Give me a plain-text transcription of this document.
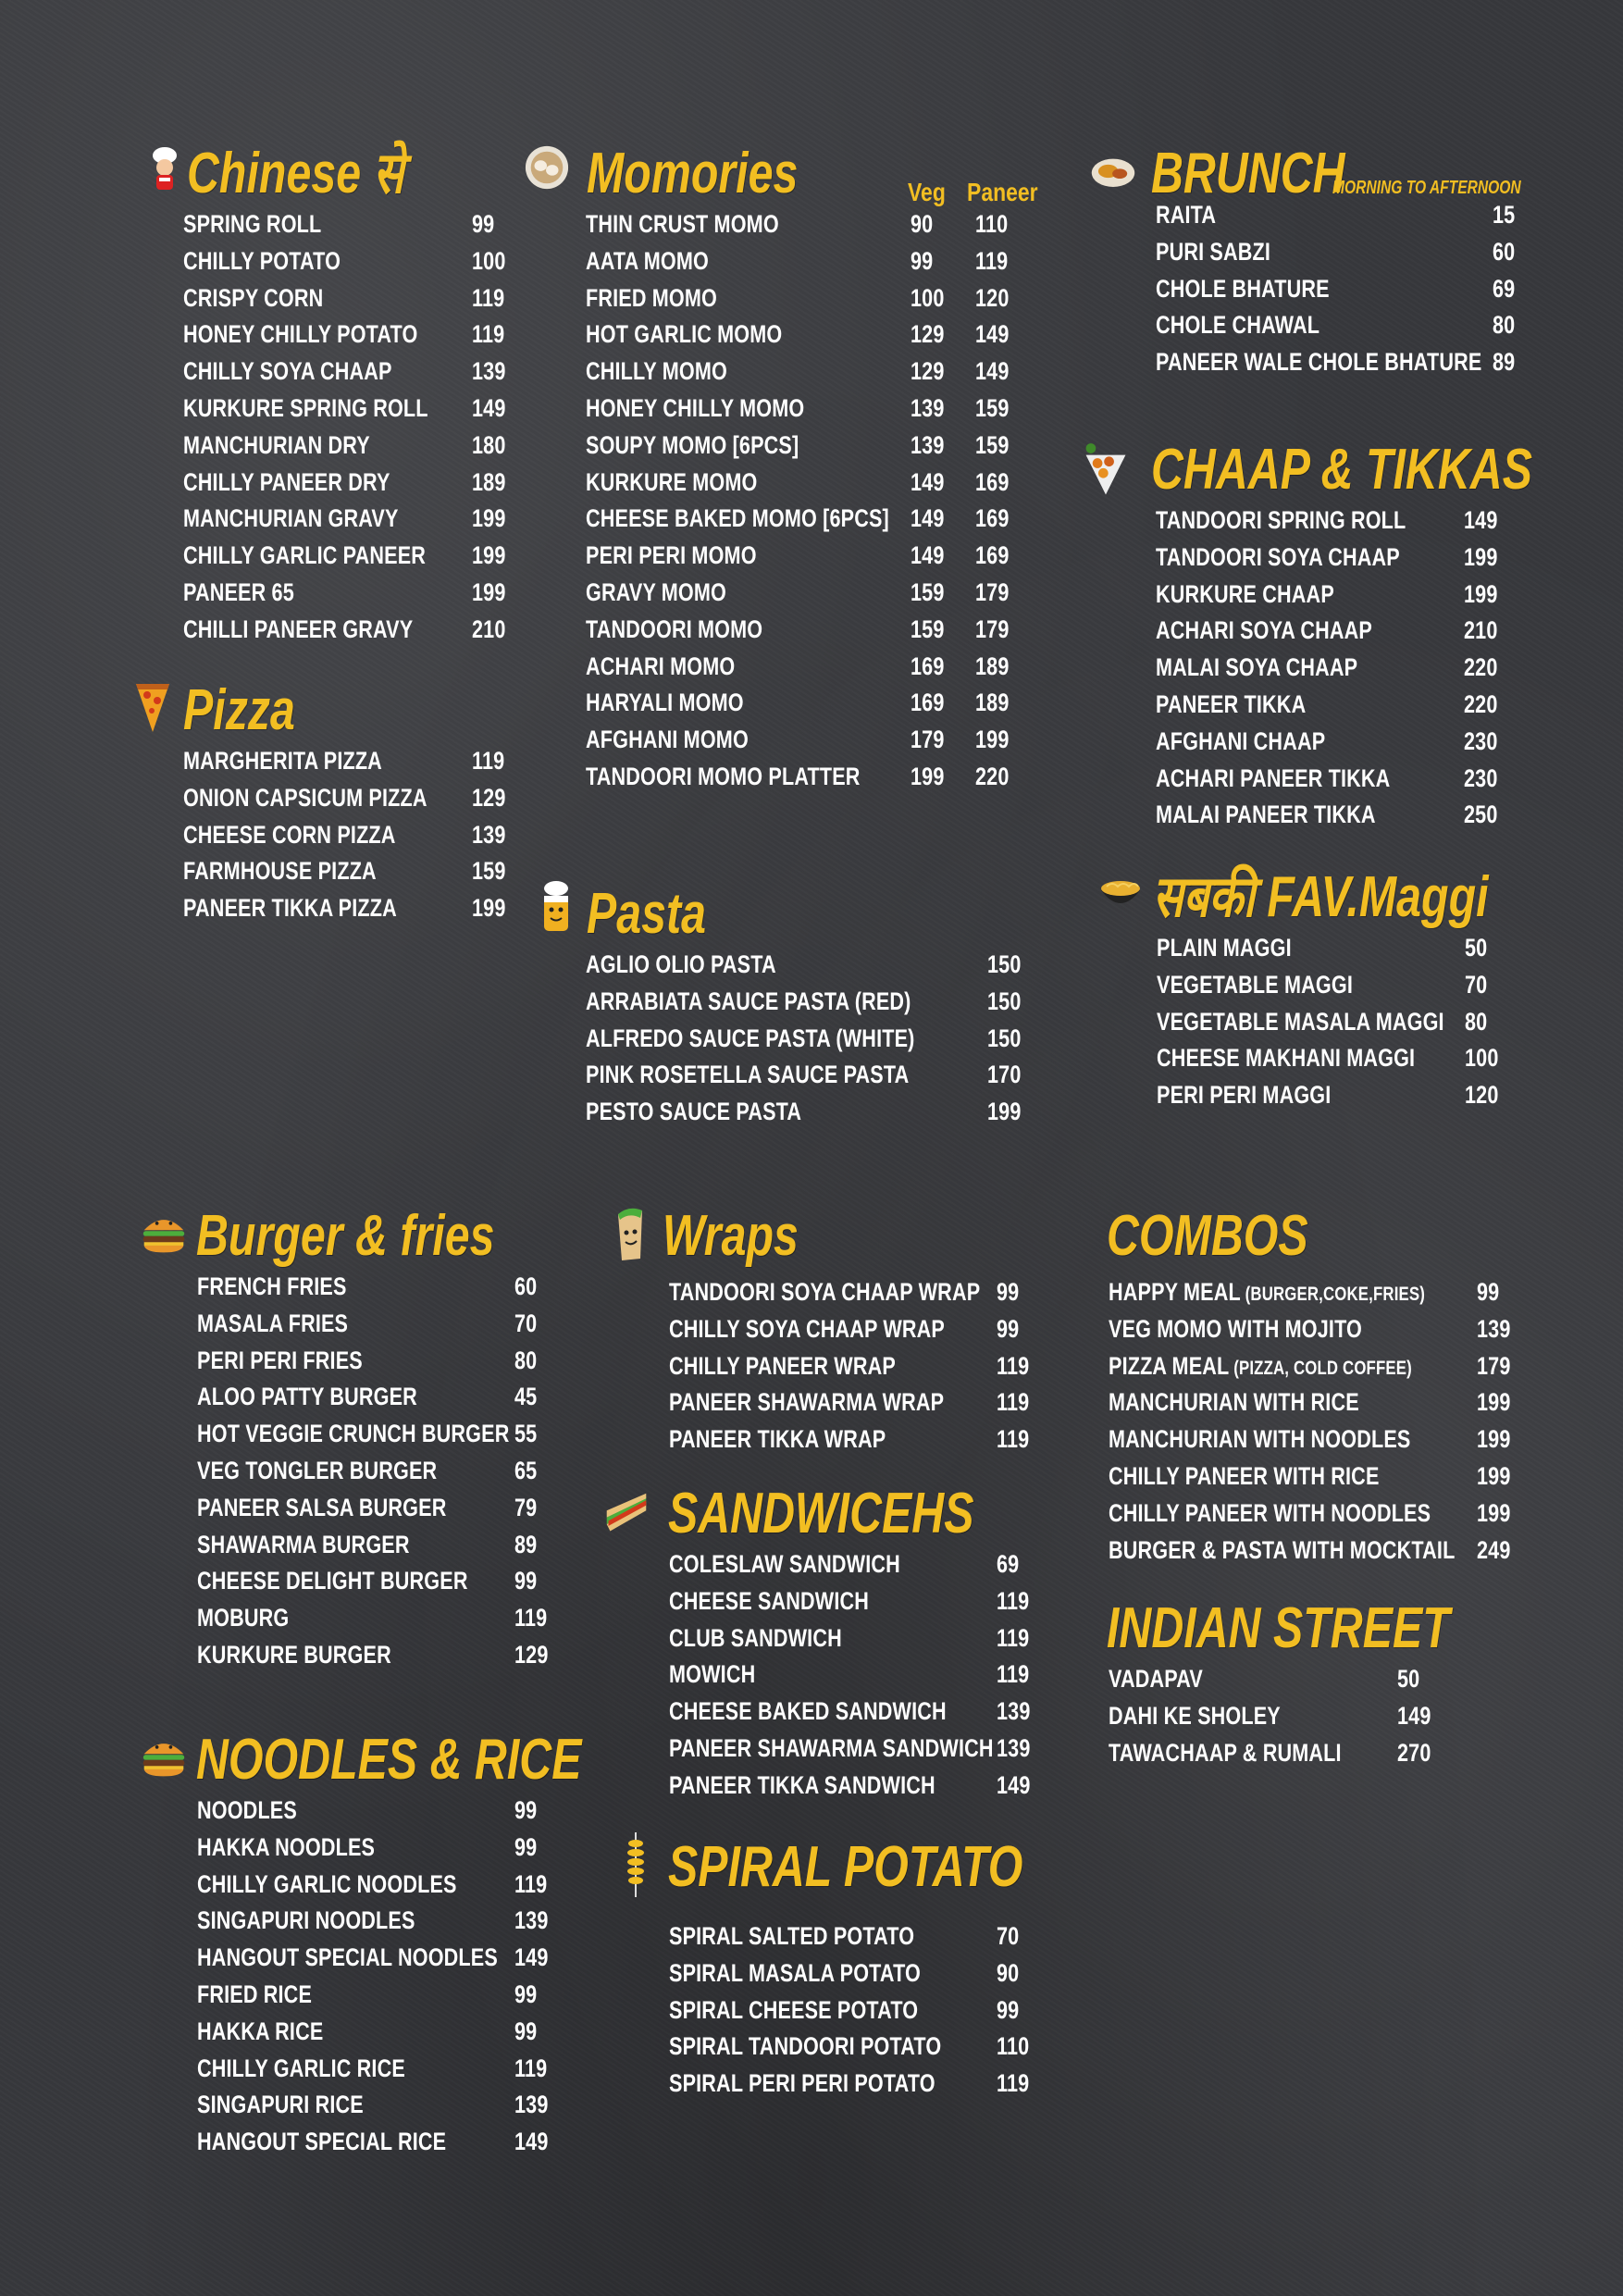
Chinese से
SPRING ROLL	99
CHILLY POTATO	100
CRISPY CORN	119
HONEY CHILLY POTATO 119
CHILLY SOYA CHAAP	139
KURKURE SPRING ROLL 149
MANCHURIAN DRY	180
CHILLY PANEER DRY	189
MANCHURIAN GRAVY	199
CHILLY GARLIC PANEER 199
PANEER 65	199
CHILLI PANEER GRAVY 210
Pizza
MARGHERITA PIZZA	119
ONION CAPSICUM PIZZA 129
CHEESE CORN PIZZA	139
FARMHOUSE PIZZA	159
PANEER TIKKA PIZZA	199
Momories	Veg Paneer
THIN CRUST MOMO	90 110
AATA MOMO	99 119
FRIED MOMO	100 120
HOT GARLIC MOMO	129 149
CHILLY MOMO	129 149
HONEY CHILLY MOMO	139 159
SOUPY MOMO [6PCS]	139 159
KURKURE MOMO	149 169
CHEESE BAKED MOMO [6PCS] 149 169
PERI PERI MOMO	149 169
GRAVY MOMO	159 179
TANDOORI MOMO	159 179
ACHARI MOMO	169 189
HARYALI MOMO	169 189
AFGHANI MOMO	179 199
TANDOORI MOMO PLATTER 199 220
Pasta
AGLIO OLIO PASTA	150
ARRABIATA SAUCE PASTA (RED)	150
ALFREDO SAUCE PASTA (WHITE)	150
PINK ROSETELLA SAUCE PASTA	170
PESTO SAUCE PASTA	199
BRUNCH
MORNING TO AFTERNOON
RAITA	15
PURI SABZI	60
CHOLE BHATURE	69
CHOLE CHAWAL	80
PANEER WALE CHOLE BHATURE 89
CHAAP & TIKKAS
TANDOORI SPRING ROLL 149
TANDOORI SOYA CHAAP	199
KURKURE CHAAP	199
ACHARI SOYA CHAAP	210
MALAI SOYA CHAAP	220
PANEER TIKKA	220
AFGHANI CHAAP	230
ACHARI PANEER TIKKA	230
MALAI PANEER TIKKA	250
सबकी FAV.Maggi
PLAIN MAGGI	50
VEGETABLE MAGGI	70
VEGETABLE MASALA MAGGI 80
CHEESE MAKHANI MAGGI 100
PERI PERI MAGGI	120
Burger & fries
FRENCH FRIES	60
MASALA FRIES	70
PERI PERI FRIES	80
ALOO PATTY BURGER	45
HOT VEGGIE CRUNCH BURGER 55
VEG TONGLER BURGER	65
PANEER SALSA BURGER	79
SHAWARMA BURGER	89
CHEESE DELIGHT BURGER 99
MOBURG	119
KURKURE BURGER	129
NOODLES & RICE
NOODLES	99
HAKKA NOODLES	99
CHILLY GARLIC NOODLES 119
SINGAPURI NOODLES	139
HANGOUT SPECIAL NOODLES 149
FRIED RICE	99
HAKKA RICE	99
CHILLY GARLIC RICE	119
SINGAPURI RICE	139
HANGOUT SPECIAL RICE	149
Wraps
TANDOORI SOYA CHAAP WRAP 99
CHILLY SOYA CHAAP WRAP 99
CHILLY PANEER WRAP	119
PANEER SHAWARMA WRAP 119
PANEER TIKKA WRAP	119
SANDWICEHS
COLESLAW SANDWICH	69
CHEESE SANDWICH	119
CLUB SANDWICH	119
MOWICH	119
CHEESE BAKED SANDWICH 139
PANEER SHAWARMA SANDWICH 139
PANEER TIKKA SANDWICH 149
SPIRAL POTATO
SPIRAL SALTED POTATO	70
SPIRAL MASALA POTATO	90
SPIRAL CHEESE POTATO	99
SPIRAL TANDOORI POTATO 110
SPIRAL PERI PERI POTATO 119
COMBOS
HAPPY MEAL (BURGER,COKE,FRIES) 99
VEG MOMO WITH MOJITO	139
PIZZA MEAL (PIZZA, COLD COFFEE)	179
MANCHURIAN WITH RICE	199
MANCHURIAN WITH NOODLES	199
CHILLY PANEER WITH RICE	199
CHILLY PANEER WITH NOODLES 199
BURGER & PASTA WITH MOCKTAIL 249
INDIAN STREET
VADAPAV	50
DAHI KE SHOLEY	149
TAWACHAAP & RUMALI 270
